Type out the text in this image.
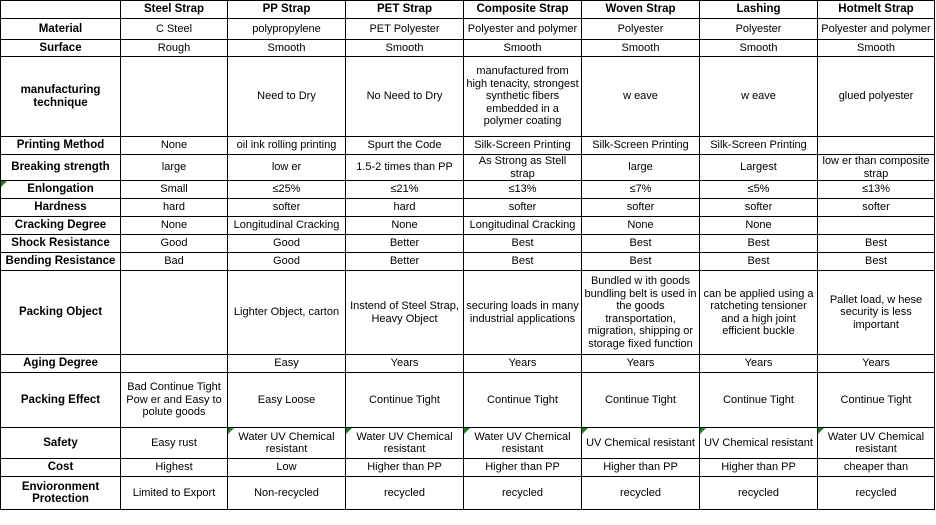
	Steel Strap	PP Strap	PET Strap	Composite Strap	Woven Strap	Lashing	Hotmelt Strap
Material	C Steel	polypropylene	PET Polyester	Polyester and polymer	Polyester	Polyester	Polyester and polymer
Surface	Rough	Smooth	Smooth	Smooth	Smooth	Smooth	Smooth
manufacturing technique		Need to Dry	No Need to Dry	manufactured from high tenacity, strongest synthetic fibers embedded in a polymer coating	w eave	w eave	glued polyester
Printing Method	None	oil ink rolling printing	Spurt the Code	Silk-Screen Printing	Silk-Screen Printing	Silk-Screen Printing	
Breaking strength	large	low er	1.5-2 times than PP	As Strong as Stell strap	large	Largest	low er than composite strap

Enlongation	Small	≤25%	≤21%	≤13%	≤7%	≤5%	≤13%
Hardness	hard	softer	hard	softer	softer	softer	softer
Cracking Degree	None	Longitudinal Cracking	None	Longitudinal Cracking	None	None	
Shock Resistance	Good	Good	Better	Best	Best	Best	Best
Bending Resistance	Bad	Good	Better	Best	Best	Best	Best
Packing Object		Lighter Object, carton	Instend of Steel Strap, Heavy Object	securing loads in many industrial applications	Bundled w ith goods bundling belt is used in the goods transportation, migration, shipping or storage fixed function	can be applied using a ratcheting tensioner and a high joint efficient buckle	Pallet load, w hese security is less important
Aging Degree		Easy	Years	Years	Years	Years	Years
Packing Effect	Bad Continue Tight Pow er and Easy to polute goods	Easy Loose	Continue Tight	Continue Tight	Continue Tight	Continue Tight	Continue Tight
Safety	Easy rust	Water UV Chemical resistant	Water UV Chemical resistant	Water UV Chemical resistant	UV Chemical resistant	UV Chemical resistant	Water UV Chemical resistant
Cost	Highest	Low	Higher than PP	Higher than PP	Higher than PP	Higher than PP	cheaper than
Envioronment Protection	Limited to Export	Non-recycled	recycled	recycled	recycled	recycled	recycled
